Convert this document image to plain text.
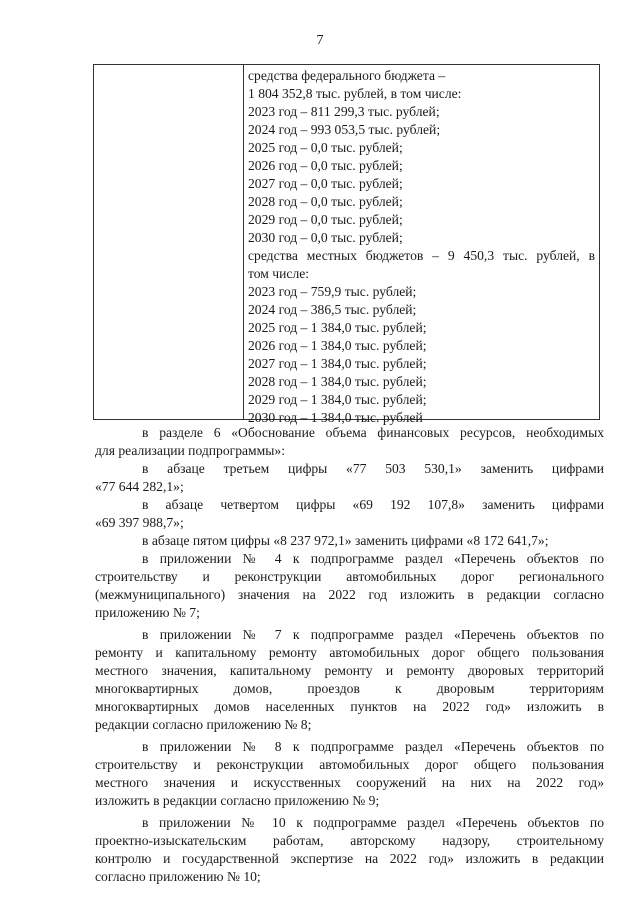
7
средства федерального бюджета –
1 804 352,8 тыс. рублей, в том числе:
2023 год – 811 299,3 тыс. рублей;
2024 год – 993 053,5 тыс. рублей;
2025 год – 0,0 тыс. рублей;
2026 год – 0,0 тыс. рублей;
2027 год – 0,0 тыс. рублей;
2028 год – 0,0 тыс. рублей;
2029 год – 0,0 тыс. рублей;
2030 год – 0,0 тыс. рублей;
средства местных бюджетов – 9 450,3 тыс. рублей, в
том числе:
2023 год – 759,9 тыс. рублей;
2024 год – 386,5 тыс. рублей;
2025 год – 1 384,0 тыс. рублей;
2026 год – 1 384,0 тыс. рублей;
2027 год – 1 384,0 тыс. рублей;
2028 год – 1 384,0 тыс. рублей;
2029 год – 1 384,0 тыс. рублей;
2030 год – 1 384,0 тыс. рублей

в разделе 6 «Обоснование объема финансовых ресурсов, необходимых
для реализации подпрограммы»:

в абзаце третьем цифры «77 503 530,1» заменить цифрами
«77 644 282,1»;

в абзаце четвертом цифры «69 192 107,8» заменить цифрами
«69 397 988,7»;

в абзаце пятом цифры «8 237 972,1» заменить цифрами «8 172 641,7»;

в приложении № 4 к подпрограмме раздел «Перечень объектов по
строительству и реконструкции автомобильных дорог регионального
(межмуниципального) значения на 2022 год изложить в редакции согласно
приложению № 7;

в приложении № 7 к подпрограмме раздел «Перечень объектов по
ремонту и капитальному ремонту автомобильных дорог общего пользования
местного значения, капитальному ремонту и ремонту дворовых территорий
многоквартирных домов, проездов к дворовым территориям
многоквартирных домов населенных пунктов на 2022 год» изложить в
редакции согласно приложению № 8;

в приложении № 8 к подпрограмме раздел «Перечень объектов по
строительству и реконструкции автомобильных дорог общего пользования
местного значения и искусственных сооружений на них на 2022 год»
изложить в редакции согласно приложению № 9;

в приложении № 10 к подпрограмме раздел «Перечень объектов по
проектно-изыскательским работам, авторскому надзору, строительному
контролю и государственной экспертизе на 2022 год» изложить в редакции
согласно приложению № 10;
